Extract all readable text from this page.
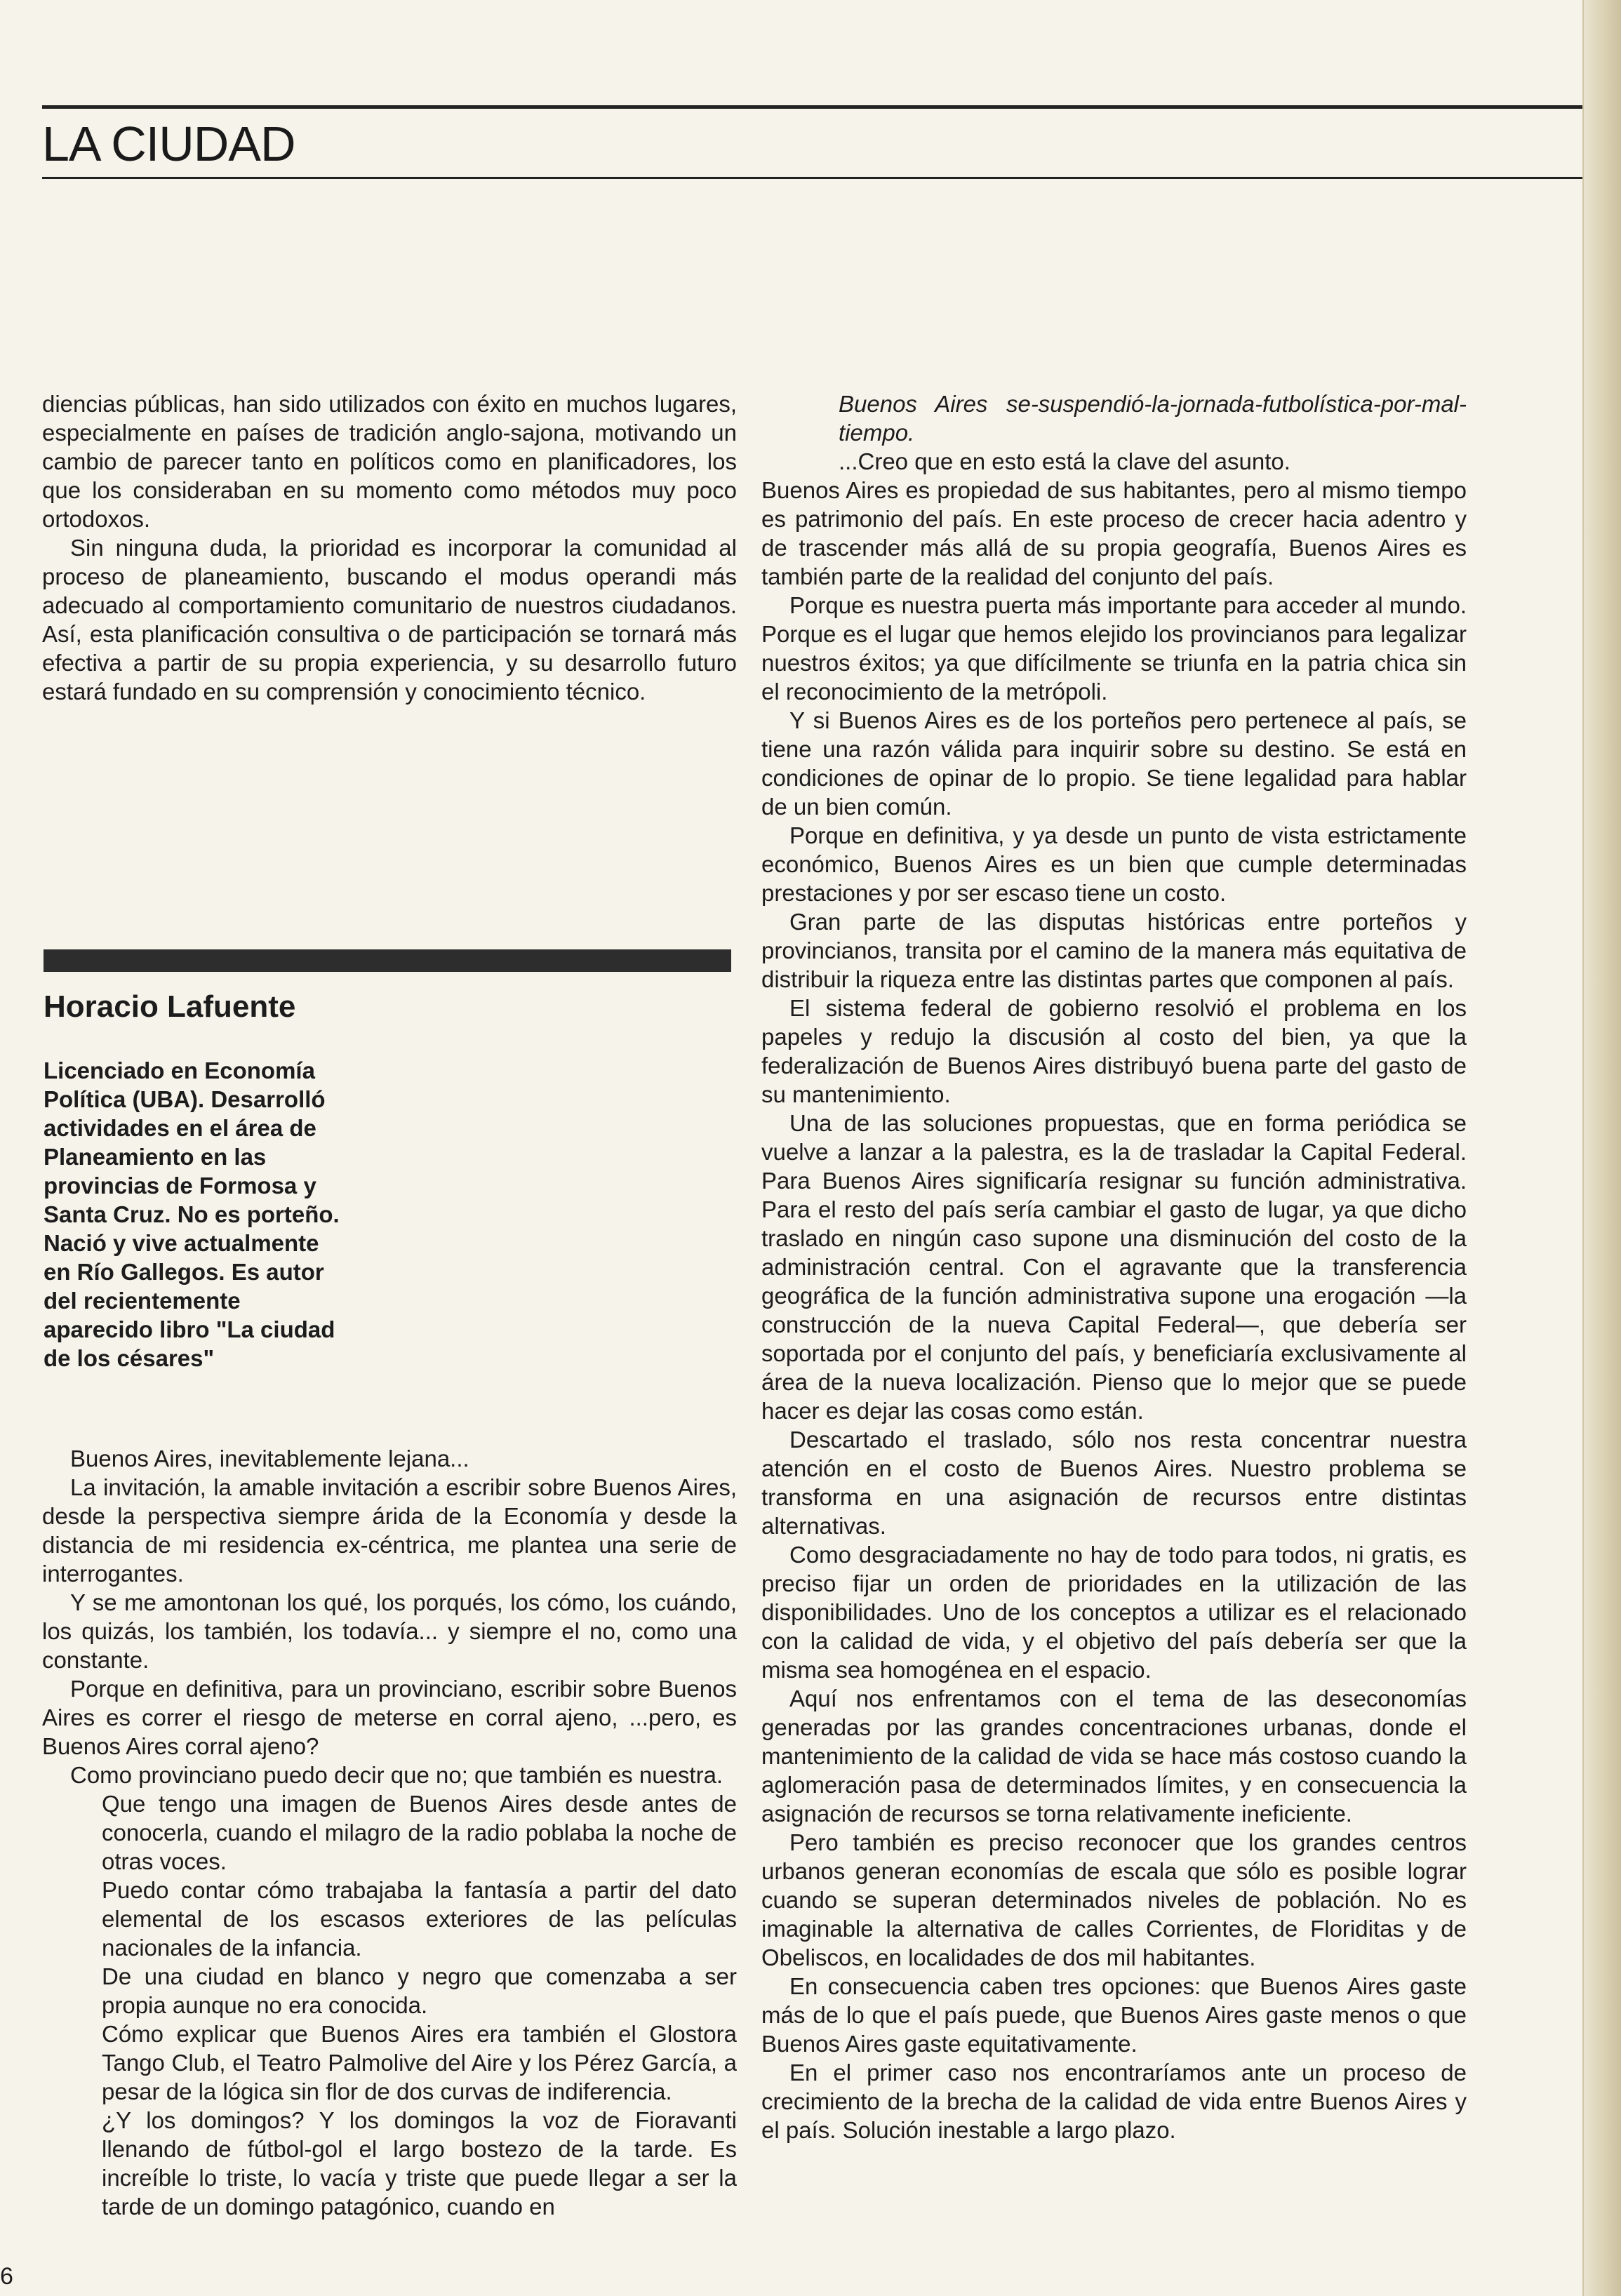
LA CIUDAD

diencias públicas, han sido utilizados con éxito en muchos lugares, especialmente en países de tradición anglo-sajona, motivando un cambio de parecer tanto en políticos como en planificadores, los que los consideraban en su momento como métodos muy poco ortodoxos.

Sin ninguna duda, la prioridad es incorporar la comunidad al proceso de planeamiento, buscando el modus operandi más adecuado al comportamiento comunitario de nuestros ciudadanos. Así, esta planificación consultiva o de participación se tornará más efectiva a partir de su propia experiencia, y su desarrollo futuro estará fundado en su comprensión y conocimiento técnico.

Horacio Lafuente
Licenciado en Economía
Política (UBA). Desarrolló
actividades en el área de
Planeamiento en las
provincias de Formosa y
Santa Cruz. No es porteño.
Nació y vive actualmente
en Río Gallegos. Es autor
del recientemente
aparecido libro "La ciudad
de los césares"

Buenos Aires, inevitablemente lejana...

La invitación, la amable invitación a escribir sobre Buenos Aires, desde la perspectiva siempre árida de la Economía y desde la distancia de mi residencia ex-céntrica, me plantea una serie de interrogantes.

Y se me amontonan los qué, los porqués, los cómo, los cuándo, los quizás, los también, los todavía... y siempre el no, como una constante.

Porque en definitiva, para un provinciano, escribir sobre Buenos Aires es correr el riesgo de meterse en corral ajeno, ...pero, es Buenos Aires corral ajeno?

Como provinciano puedo decir que no; que también es nuestra.

Que tengo una imagen de Buenos Aires desde antes de conocerla, cuando el milagro de la radio poblaba la noche de otras voces.

Puedo contar cómo trabajaba la fantasía a partir del dato elemental de los escasos exteriores de las películas nacionales de la infancia.

De una ciudad en blanco y negro que comenzaba a ser propia aunque no era conocida.

Cómo explicar que Buenos Aires era también el Glostora Tango Club, el Teatro Palmolive del Aire y los Pérez García, a pesar de la lógica sin flor de dos curvas de indiferencia.

¿Y los domingos? Y los domingos la voz de Fioravanti llenando de fútbol-gol el largo bostezo de la tarde. Es increíble lo triste, lo vacía y triste que puede llegar a ser la tarde de un domingo patagónico, cuando en

Buenos Aires se-suspendió-la-jornada-futbolística-por-mal-tiempo.

...Creo que en esto está la clave del asunto.

Buenos Aires es propiedad de sus habitantes, pero al mismo tiempo es patrimonio del país. En este proceso de crecer hacia adentro y de trascender más allá de su propia geografía, Buenos Aires es también parte de la realidad del conjunto del país.

Porque es nuestra puerta más importante para acceder al mundo. Porque es el lugar que hemos elejido los provincianos para legalizar nuestros éxitos; ya que difícilmente se triunfa en la patria chica sin el reconocimiento de la metrópoli.

Y si Buenos Aires es de los porteños pero pertenece al país, se tiene una razón válida para inquirir sobre su destino. Se está en condiciones de opinar de lo propio. Se tiene legalidad para hablar de un bien común.

Porque en definitiva, y ya desde un punto de vista estrictamente económico, Buenos Aires es un bien que cumple determinadas prestaciones y por ser escaso tiene un costo.

Gran parte de las disputas históricas entre porteños y provincianos, transita por el camino de la manera más equitativa de distribuir la riqueza entre las distintas partes que componen al país.

El sistema federal de gobierno resolvió el problema en los papeles y redujo la discusión al costo del bien, ya que la federalización de Buenos Aires distribuyó buena parte del gasto de su mantenimiento.

Una de las soluciones propuestas, que en forma periódica se vuelve a lanzar a la palestra, es la de trasladar la Capital Federal. Para Buenos Aires significaría resignar su función administrativa. Para el resto del país sería cambiar el gasto de lugar, ya que dicho traslado en ningún caso supone una disminución del costo de la administración central. Con el agravante que la transferencia geográfica de la función administrativa supone una erogación —la construcción de la nueva Capital Federal—, que debería ser soportada por el conjunto del país, y beneficiaría exclusivamente al área de la nueva localización. Pienso que lo mejor que se puede hacer es dejar las cosas como están.

Descartado el traslado, sólo nos resta concentrar nuestra atención en el costo de Buenos Aires. Nuestro problema se transforma en una asignación de recursos entre distintas alternativas.

Como desgraciadamente no hay de todo para todos, ni gratis, es preciso fijar un orden de prioridades en la utilización de las disponibilidades. Uno de los conceptos a utilizar es el relacionado con la calidad de vida, y el objetivo del país debería ser que la misma sea homogénea en el espacio.

Aquí nos enfrentamos con el tema de las deseconomías generadas por las grandes concentraciones urbanas, donde el mantenimiento de la calidad de vida se hace más costoso cuando la aglomeración pasa de determinados límites, y en consecuencia la asignación de recursos se torna relativamente ineficiente.

Pero también es preciso reconocer que los grandes centros urbanos generan economías de escala que sólo es posible lograr cuando se superan determinados niveles de población. No es imaginable la alternativa de calles Corrientes, de Floriditas y de Obeliscos, en localidades de dos mil habitantes.

En consecuencia caben tres opciones: que Buenos Aires gaste más de lo que el país puede, que Buenos Aires gaste menos o que Buenos Aires gaste equitativamente.

En el primer caso nos encontraríamos ante un proceso de crecimiento de la brecha de la calidad de vida entre Buenos Aires y el país. Solución inestable a largo plazo.

6
